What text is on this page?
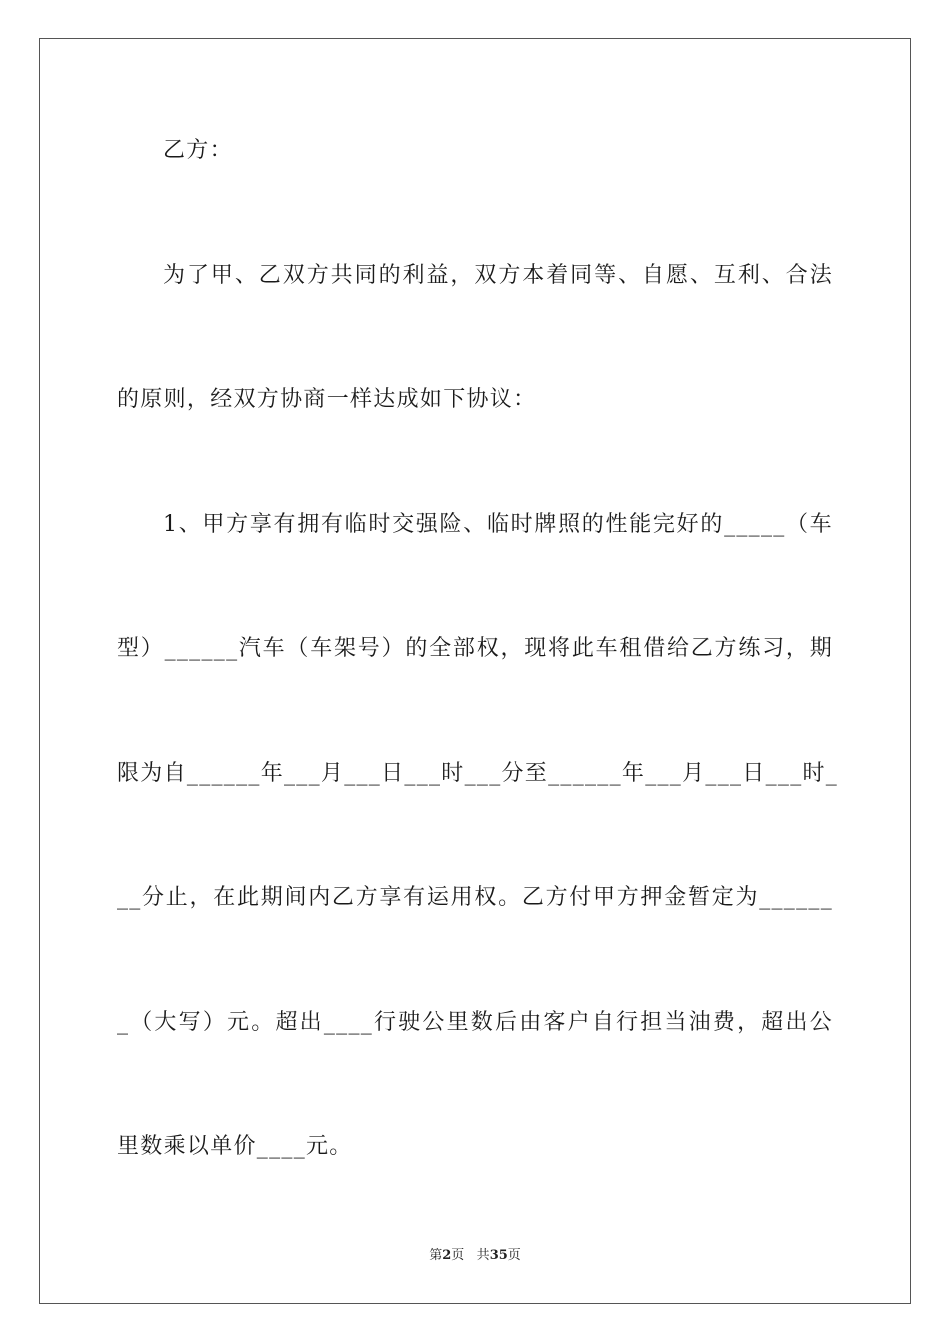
乙方：
为了甲、乙双方共同的利益，双方本着同等、自愿、互利、合法
的原则，经双方协商一样达成如下协议：
1、甲方享有拥有临时交强险、临时牌照的性能完好的_____（车
型）______汽车（车架号）的全部权，现将此车租借给乙方练习，期
限为自______年___月___日___时___分至______年___月___日___时_
__分止，在此期间内乙方享有运用权。乙方付甲方押金暂定为______
_（大写）元。超出____行驶公里数后由客户自行担当油费，超出公
里数乘以单价____元。
第2页 共35页
